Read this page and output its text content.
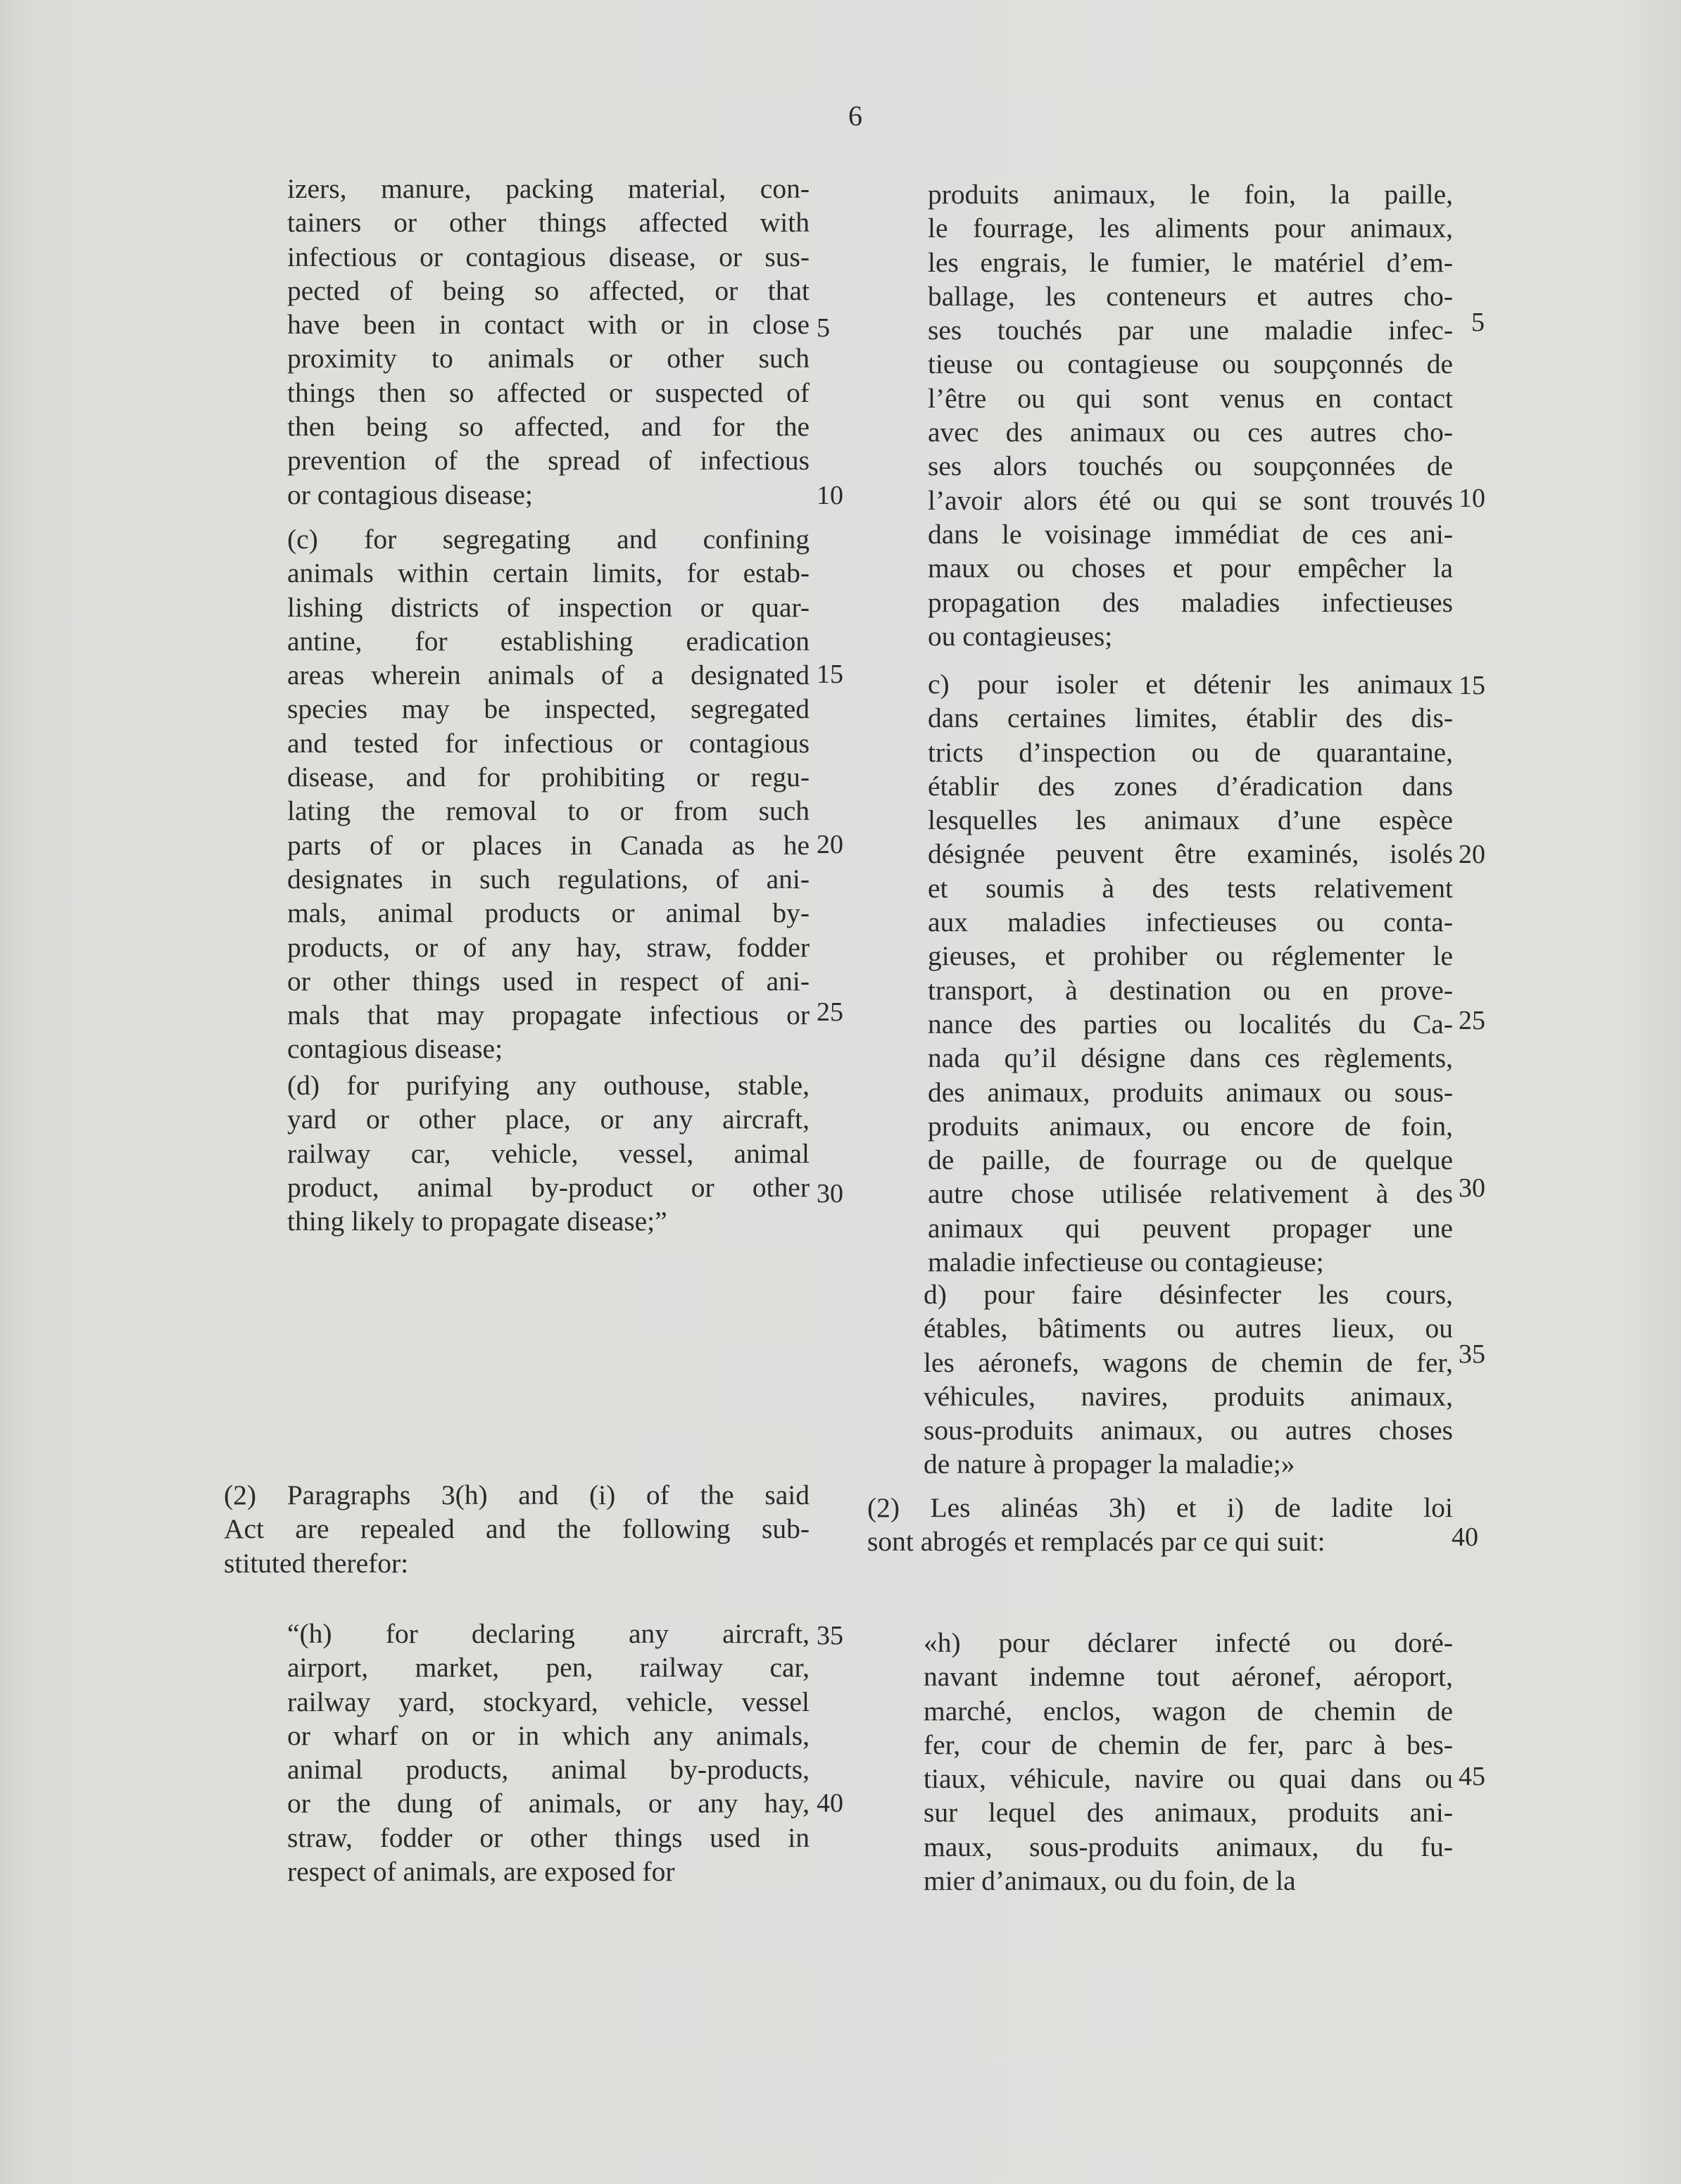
6
izers, manure, packing material, con-
tainers or other things affected with
infectious or contagious disease, or sus-
pected of being so affected, or that
have been in contact with or in close
proximity to animals or other such
things then so affected or suspected of
then being so affected, and for the
prevention of the spread of infectious
or contagious disease;
(c) for segregating and confining
animals within certain limits, for estab-
lishing districts of inspection or quar-
antine, for establishing eradication
areas wherein animals of a designated
species may be inspected, segregated
and tested for infectious or contagious
disease, and for prohibiting or regu-
lating the removal to or from such
parts of or places in Canada as he
designates in such regulations, of ani-
mals, animal products or animal by-
products, or of any hay, straw, fodder
or other things used in respect of ani-
mals that may propagate infectious or
contagious disease;
(d) for purifying any outhouse, stable,
yard or other place, or any aircraft,
railway car, vehicle, vessel, animal
product, animal by-product or other
thing likely to propagate disease;”
(2) Paragraphs 3(h) and (i) of the said
Act are repealed and the following sub-
stituted therefor:
“(h) for declaring any aircraft,
airport, market, pen, railway car,
railway yard, stockyard, vehicle, vessel
or wharf on or in which any animals,
animal products, animal by-products,
or the dung of animals, or any hay,
straw, fodder or other things used in
respect of animals, are exposed for
produits animaux, le foin, la paille,
le fourrage, les aliments pour animaux,
les engrais, le fumier, le matériel d’em-
ballage, les conteneurs et autres cho-
ses touchés par une maladie infec-
tieuse ou contagieuse ou soupçonnés de
l’être ou qui sont venus en contact
avec des animaux ou ces autres cho-
ses alors touchés ou soupçonnées de
l’avoir alors été ou qui se sont trouvés
dans le voisinage immédiat de ces ani-
maux ou choses et pour empêcher la
propagation des maladies infectieuses
ou contagieuses;
c) pour isoler et détenir les animaux
dans certaines limites, établir des dis-
tricts d’inspection ou de quarantaine,
établir des zones d’éradication dans
lesquelles les animaux d’une espèce
désignée peuvent être examinés, isolés
et soumis à des tests relativement
aux maladies infectieuses ou conta-
gieuses, et prohiber ou réglementer le
transport, à destination ou en prove-
nance des parties ou localités du Ca-
nada qu’il désigne dans ces règlements,
des animaux, produits animaux ou sous-
produits animaux, ou encore de foin,
de paille, de fourrage ou de quelque
autre chose utilisée relativement à des
animaux qui peuvent propager une
maladie infectieuse ou contagieuse;
d) pour faire désinfecter les cours,
étables, bâtiments ou autres lieux, ou
les aéronefs, wagons de chemin de fer,
véhicules, navires, produits animaux,
sous-produits animaux, ou autres choses
de nature à propager la maladie;»
(2) Les alinéas 3h) et i) de ladite loi
sont abrogés et remplacés par ce qui suit:
«h) pour déclarer infecté ou doré-
navant indemne tout aéronef, aéroport,
marché, enclos, wagon de chemin de
fer, cour de chemin de fer, parc à bes-
tiaux, véhicule, navire ou quai dans ou
sur lequel des animaux, produits ani-
maux, sous-produits animaux, du fu-
mier d’animaux, ou du foin, de la
5
10
15
20
25
30
35
40
5
10
15
20
25
30
35
40
45
